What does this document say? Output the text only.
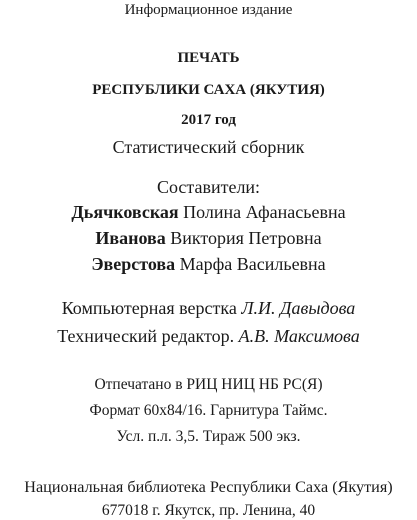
Информационное издание
ПЕЧАТЬ
РЕСПУБЛИКИ САХА (ЯКУТИЯ)
2017 год
Статистический сборник
Составители:
Дьячковская Полина Афанасьевна
Иванова Виктория Петровна
Эверстова Марфа Васильевна
Компьютерная верстка Л.И. Давыдова
Технический редактор. А.В. Максимова
Отпечатано в РИЦ НИЦ НБ РС(Я)
Формат 60x84/16. Гарнитура Таймс.
Усл. п.л. 3,5. Тираж 500 экз.
Национальная библиотека Республики Саха (Якутия)
677018 г. Якутск, пр. Ленина, 40
